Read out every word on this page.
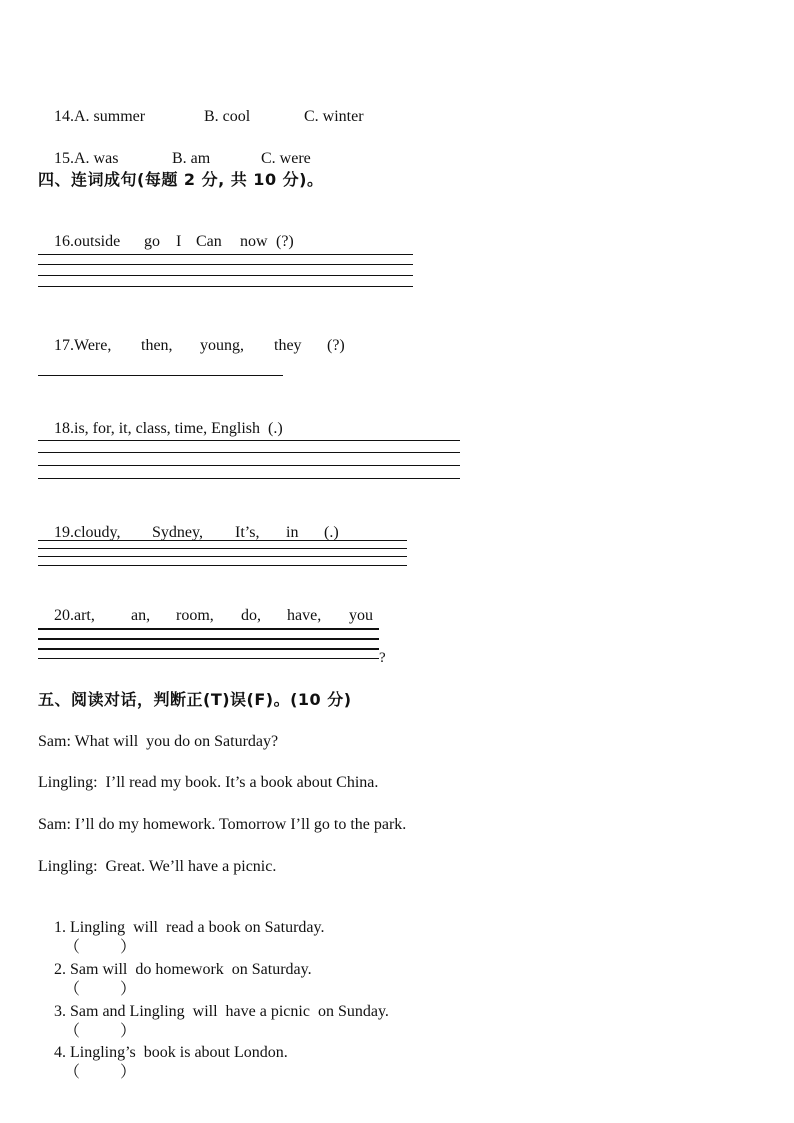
14.A. summer	B. cool	C. winter

15.A. was	B. am	C. were

四、连词成句(每题 2 分, 共 10 分)。

16.outside go I Can now (?)

17.Were, then, young, they (?)

18.is, for, it, class, time, English  (.)

19.cloudy, Sydney, It’s, in (.)

20.art, an, room, do, have, you

?
五、阅读对话，判断正(T)误(F)。(10 分)
Sam: What will  you do on Saturday?
Lingling:  I’ll read my book. It’s a book about China.
Sam: I’ll do my homework. Tomorrow I’ll go to the park.
Lingling:  Great. We’ll have a picnic.

1. Lingling  will  read a book on Saturday.
（          ）

2. Sam will  do homework  on Saturday.
（          ）

3. Sam and Lingling  will  have a picnic  on Sunday.
（          ）

4. Lingling’s  book is about London.
（          ）
